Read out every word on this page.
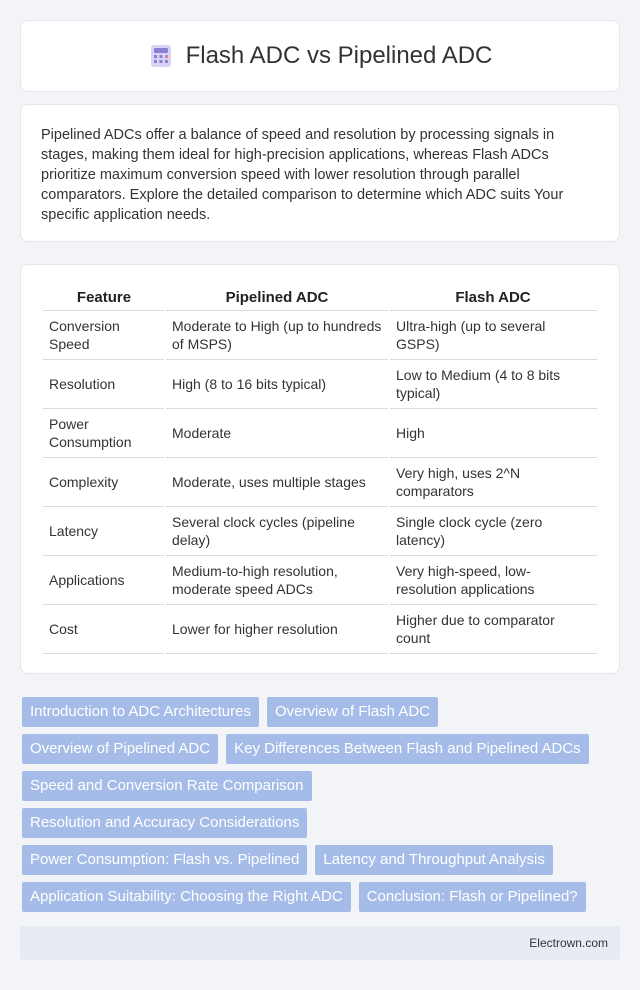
Flash ADC vs Pipelined ADC

Pipelined ADCs offer a balance of speed and resolution by processing signals in stages, making them ideal for high-precision applications, whereas Flash ADCs prioritize maximum conversion speed with lower resolution through parallel comparators. Explore the detailed comparison to determine which ADC suits Your specific application needs.

Feature	Pipelined ADC	Flash ADC
Conversion Speed	Moderate to High (up to hundreds of MSPS)	Ultra-high (up to several GSPS)
Resolution	High (8 to 16 bits typical)	Low to Medium (4 to 8 bits typical)
Power Consumption	Moderate	High
Complexity	Moderate, uses multiple stages	Very high, uses 2^N comparators
Latency	Several clock cycles (pipeline delay)	Single clock cycle (zero latency)
Applications	Medium-to-high resolution, moderate speed ADCs	Very high-speed, low-resolution applications
Cost	Lower for higher resolution	Higher due to comparator count
Introduction to ADC Architectures	Overview of Flash ADC
Overview of Pipelined ADC	Key Differences Between Flash and Pipelined ADCs
Speed and Conversion Rate Comparison
Resolution and Accuracy Considerations
Power Consumption: Flash vs. Pipelined	Latency and Throughput Analysis
Application Suitability: Choosing the Right ADC	Conclusion: Flash or Pipelined?
Electrown.com
